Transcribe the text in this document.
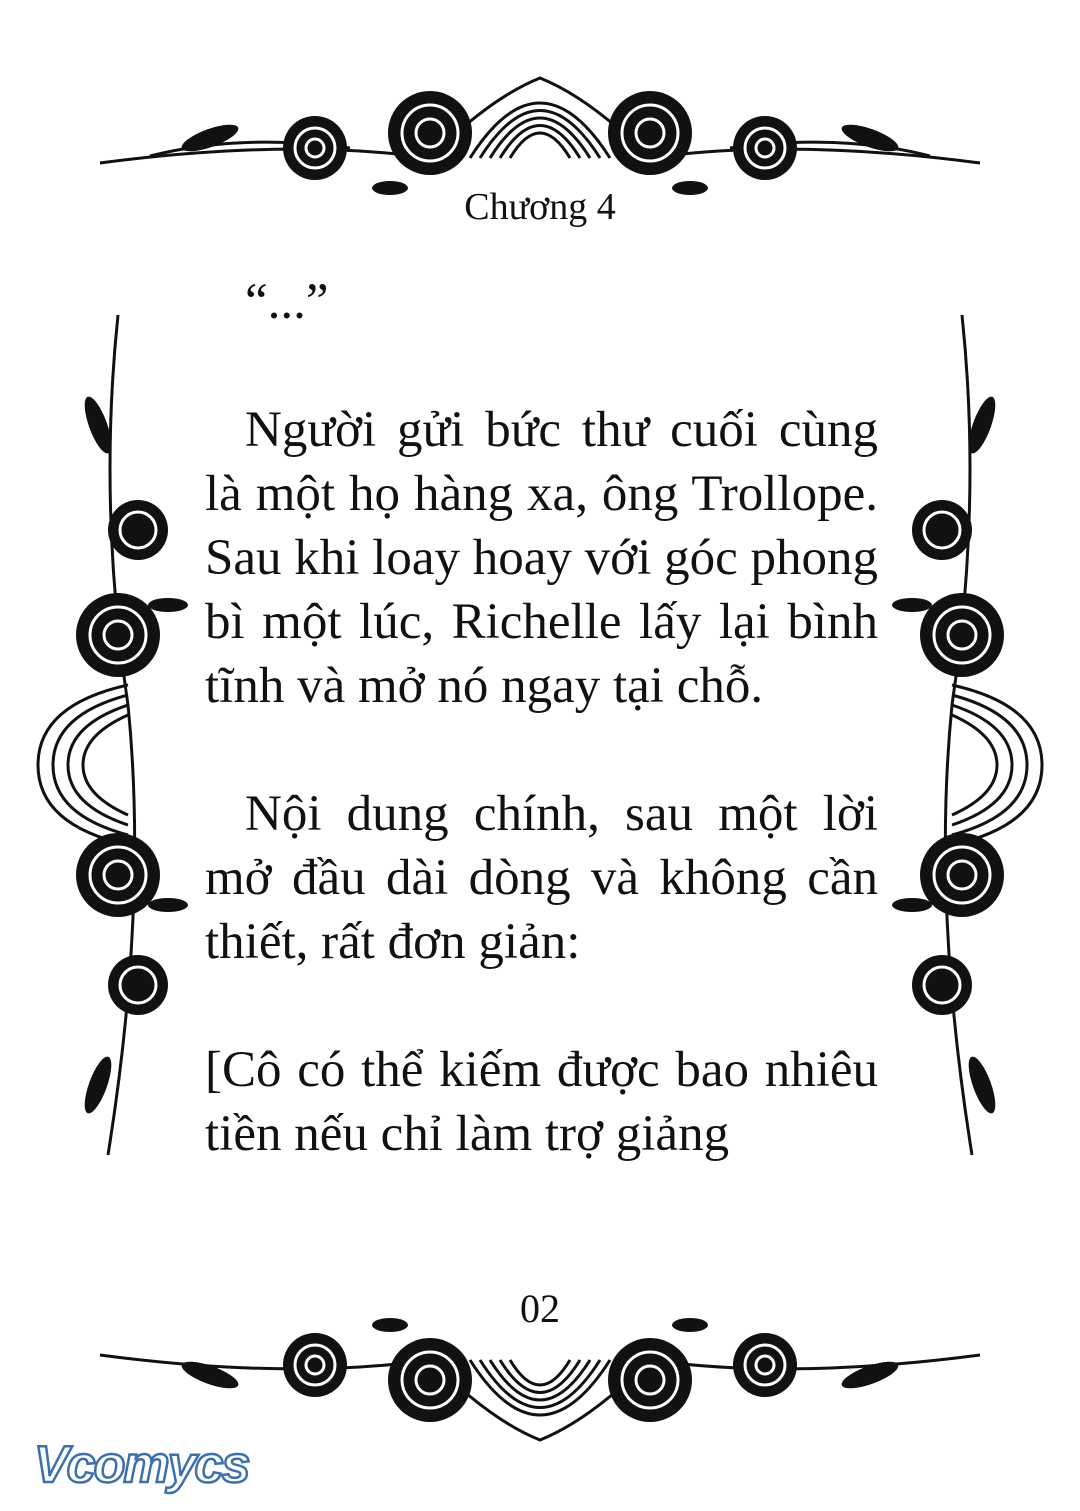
Chương 4

“...”

Người gửi bức thư cuối cùng là một họ hàng xa, ông Trollope. Sau khi loay hoay với góc phong bì một lúc, Richelle lấy lại bình tĩnh và mở nó ngay tại chỗ.

Nội dung chính, sau một lời mở đầu dài dòng và không cần thiết, rất đơn giản:

[Cô có thể kiếm được bao nhiêu tiền nếu chỉ làm trợ giảng

02
Vcomycs
